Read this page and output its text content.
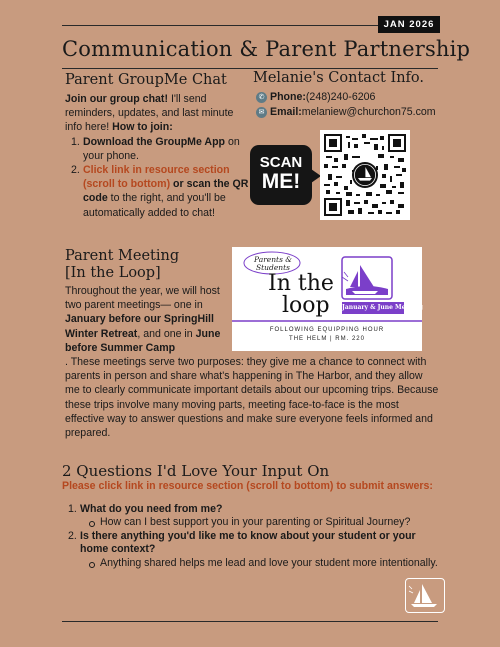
JAN 2026
Communication & Parent Partnership
Parent GroupMe Chat
Join our group chat! I'll send reminders, updates, and last minute info here! How to join:
1. Download the GroupMe App on your phone.
2. Click link in resource section (scroll to bottom) or scan the QR code to the right, and you'll be automatically added to chat!
Melanie's Contact Info.
✆ Phone: (248)240-6206
✉ Email: melaniew@churchon75.com
SCAN
ME!
Parent Meeting
[In the Loop]
Throughout the year, we will host two parent meetings— one in January before our SpringHill Winter Retreat, and one in June before Summer Camp
. These meetings serve two purposes: they give me a chance to connect with parents in person and share what's happening in The Harbor, and they allow me to clearly communicate important details about our upcoming trips. Because these trips involve many moving parts, meeting face-to-face is the most effective way to answer questions and make sure everyone feels informed and prepared.
Parents & Students
In the
loop January & June Meeting
FOLLOWING EQUIPPING HOUR
THE HELM | RM. 220
2 Questions I'd Love Your Input On
Please click link in resource section (scroll to bottom) to submit answers:
1. What do you need from me?
How can I best support you in your parenting or Spiritual Journey?
2. Is there anything you'd like me to know about your student or your home context?
Anything shared helps me lead and love your student more intentionally.
